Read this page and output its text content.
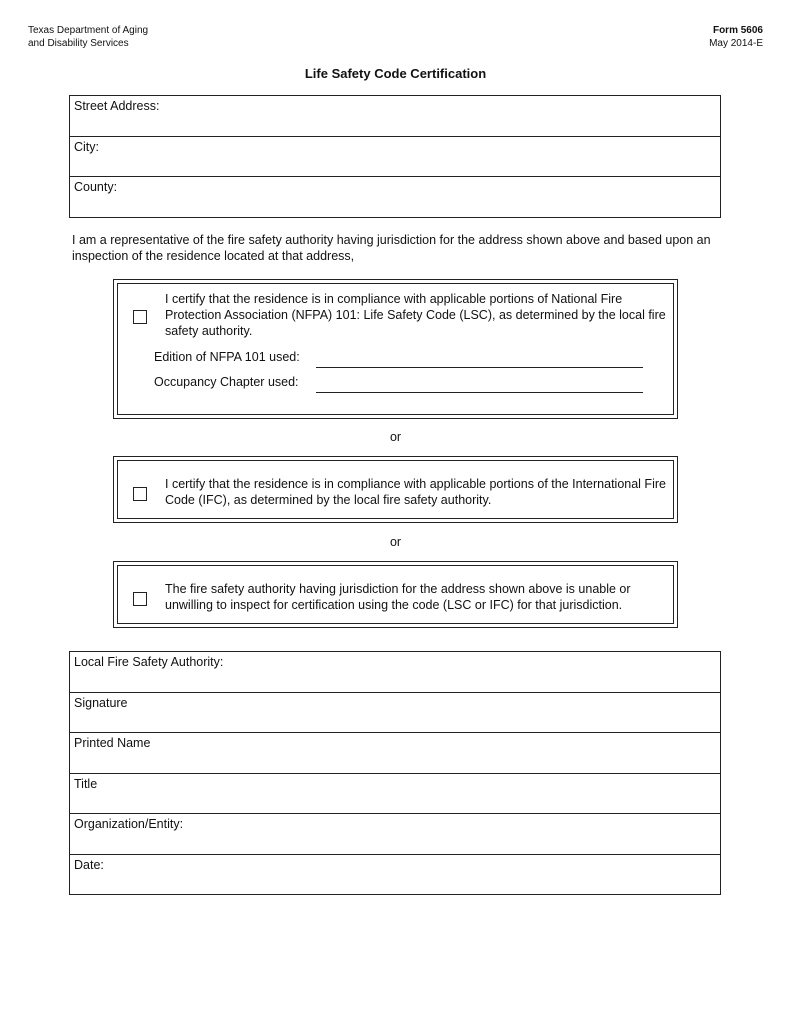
Texas Department of Aging
and Disability Services
Form 5606
May 2014-E
Life Safety Code Certification
Street Address:
City:
County:
I am a representative of the fire safety authority having jurisdiction for the address shown above and based upon an inspection of the residence located at that address,
I certify that the residence is in compliance with applicable portions of National Fire Protection Association (NFPA) 101: Life Safety Code (LSC), as determined by the local fire safety authority.
Edition of NFPA 101 used:
Occupancy Chapter used:
or
I certify that the residence is in compliance with applicable portions of the International Fire Code (IFC), as determined by the local fire safety authority.
or
The fire safety authority having jurisdiction for the address shown above is unable or unwilling to inspect for certification using the code (LSC or IFC) for that jurisdiction.
Local Fire Safety Authority:
Signature
Printed Name
Title
Organization/Entity:
Date:
